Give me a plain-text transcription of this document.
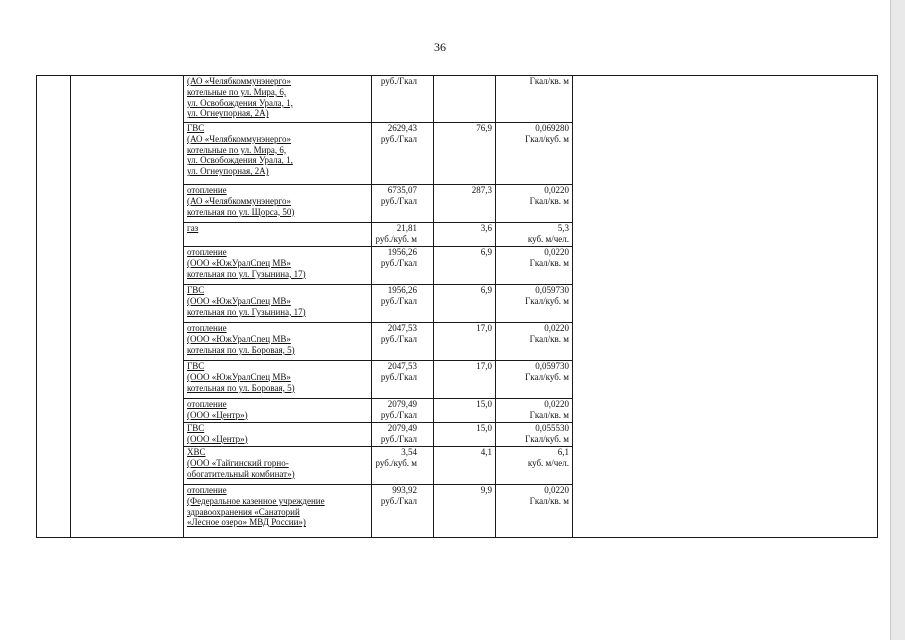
36

		(АО «Челябкоммунэнерго»
котельные по ул. Мира, 6,
ул. Освобождения Урала, 1,
ул. Огнеупорная, 2А)	руб./Гкал		Гкал/кв. м	

		ГВС
(АО «Челябкоммунэнерго»
котельные по ул. Мира, 6,
ул. Освобождения Урала, 1,
ул. Огнеупорная, 2А)	2629,43
руб./Гкал	76,9	0,069280
Гкал/куб. м	

		отопление
(АО «Челябкоммунэнерго»
котельная по ул. Щорса, 50)	6735,07
руб./Гкал	287,3	0,0220
Гкал/кв. м	

		газ	21,81
руб./куб. м	3,6	5,3
куб. м/чел.	

		отопление
(ООО «ЮжУралСпец МВ»
котельная по ул. Гузынина, 17)	1956,26
руб./Гкал	6,9	0,0220
Гкал/кв. м	

		ГВС
(ООО «ЮжУралСпец МВ»
котельная по ул. Гузынина, 17)	1956,26
руб./Гкал	6,9	0,059730
Гкал/куб. м	

		отопление
(ООО «ЮжУралСпец МВ»
котельная по ул. Боровая, 5)	2047,53
руб./Гкал	17,0	0,0220
Гкал/кв. м	

		ГВС
(ООО «ЮжУралСпец МВ»
котельная по ул. Боровая, 5)	2047,53
руб./Гкал	17,0	0,059730
Гкал/куб. м	

		отопление
(ООО «Центр»)	2079,49
руб./Гкал	15,0	0,0220
Гкал/кв. м	

		ГВС
(ООО «Центр»)	2079,49
руб./Гкал	15,0	0,055530
Гкал/куб. м	

		ХВС
(ООО «Тайгинский горно-
обогатительный комбинат»)	3,54
руб./куб. м	4,1	6,1
куб. м/чел.	

		отопление
(Федеральное казенное учреждение
здравоохранения «Санаторий
«Лесное озеро» МВД России»)	993,92
руб./Гкал	9,9	0,0220
Гкал/кв. м	
